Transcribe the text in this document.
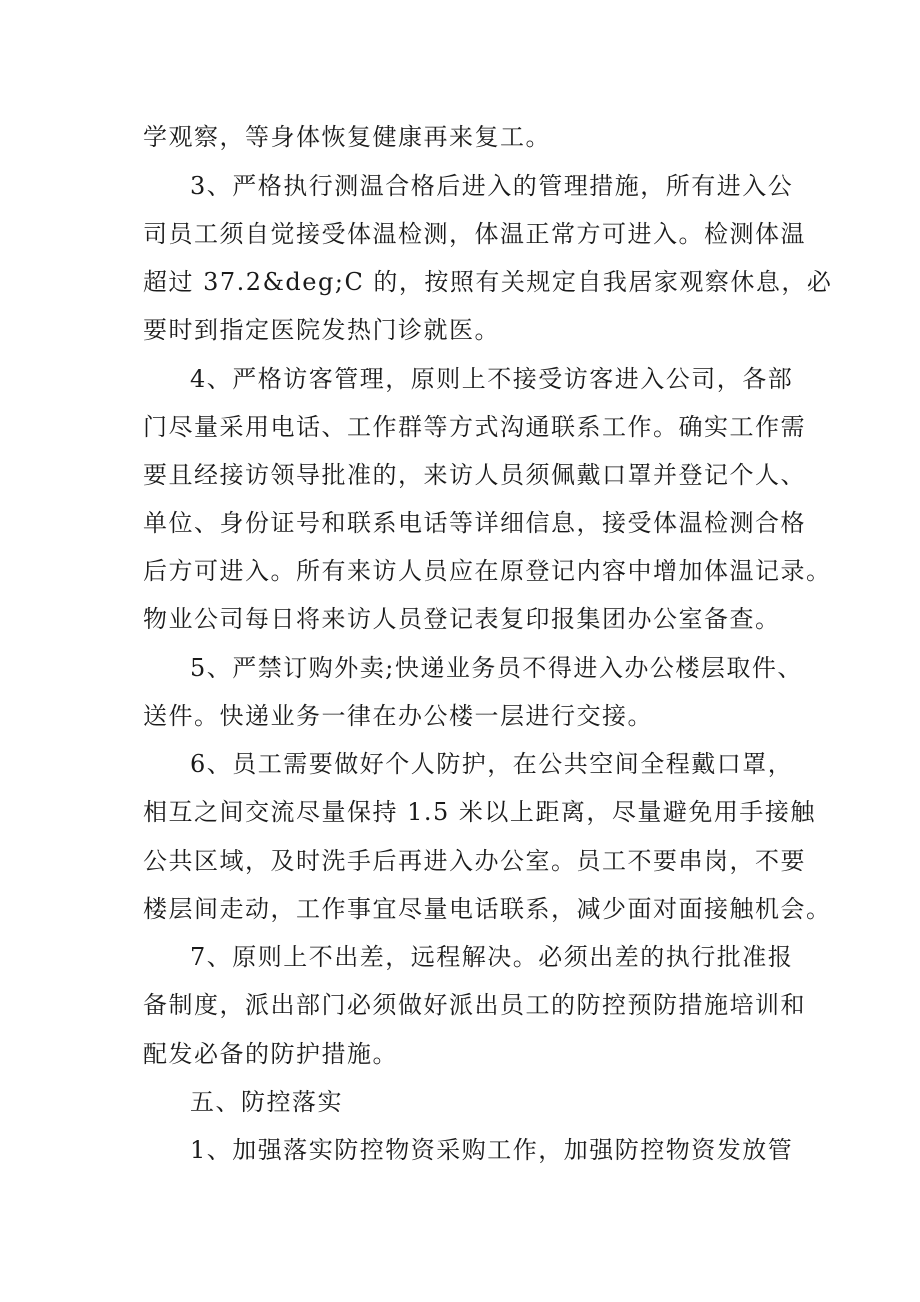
学观察，等身体恢复健康再来复工。
3、严格执行测温合格后进入的管理措施，所有进入公
司员工须自觉接受体温检测，体温正常方可进入。检测体温
超过 37.2&deg;C 的，按照有关规定自我居家观察休息，必
要时到指定医院发热门诊就医。
4、严格访客管理，原则上不接受访客进入公司，各部
门尽量采用电话、工作群等方式沟通联系工作。确实工作需
要且经接访领导批准的，来访人员须佩戴口罩并登记个人、
单位、身份证号和联系电话等详细信息，接受体温检测合格
后方可进入。所有来访人员应在原登记内容中增加体温记录。
物业公司每日将来访人员登记表复印报集团办公室备查。
5、严禁订购外卖;快递业务员不得进入办公楼层取件、
送件。快递业务一律在办公楼一层进行交接。
6、员工需要做好个人防护，在公共空间全程戴口罩，
相互之间交流尽量保持 1.5 米以上距离，尽量避免用手接触
公共区域，及时洗手后再进入办公室。员工不要串岗，不要
楼层间走动，工作事宜尽量电话联系，减少面对面接触机会。
7、原则上不出差，远程解决。必须出差的执行批准报
备制度，派出部门必须做好派出员工的防控预防措施培训和
配发必备的防护措施。
五、防控落实
1、加强落实防控物资采购工作，加强防控物资发放管
